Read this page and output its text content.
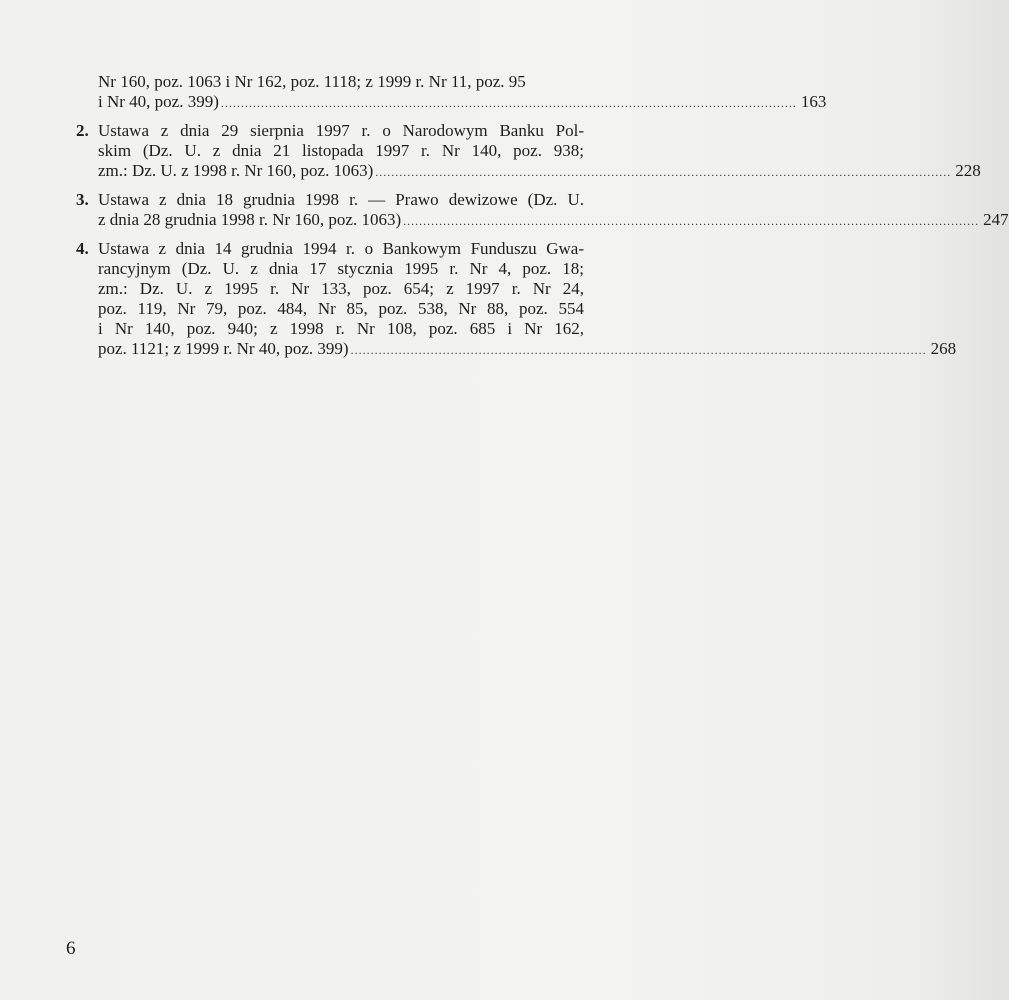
Nr 160, poz. 1063 i Nr 162, poz. 1118; z 1999 r. Nr 11, poz. 95
i Nr 40, poz. 399) ................................................................................................................................................ 163
2. Ustawa z dnia 29 sierpnia 1997 r. o Narodowym Banku Pol-
skim (Dz. U. z dnia 21 listopada 1997 r. Nr 140, poz. 938;
zm.: Dz. U. z 1998 r. Nr 160, poz. 1063) ................................................................................................................................................ 228
3. Ustawa z dnia 18 grudnia 1998 r. — Prawo dewizowe (Dz. U.
z dnia 28 grudnia 1998 r. Nr 160, poz. 1063) ................................................................................................................................................ 247
4. Ustawa z dnia 14 grudnia 1994 r. o Bankowym Funduszu Gwa-
rancyjnym (Dz. U. z dnia 17 stycznia 1995 r. Nr 4, poz. 18;
zm.: Dz. U. z 1995 r. Nr 133, poz. 654; z 1997 r. Nr 24,
poz. 119, Nr 79, poz. 484, Nr 85, poz. 538, Nr 88, poz. 554
i Nr 140, poz. 940; z 1998 r. Nr 108, poz. 685 i Nr 162,
poz. 1121; z 1999 r. Nr 40, poz. 399) ................................................................................................................................................ 268
6
